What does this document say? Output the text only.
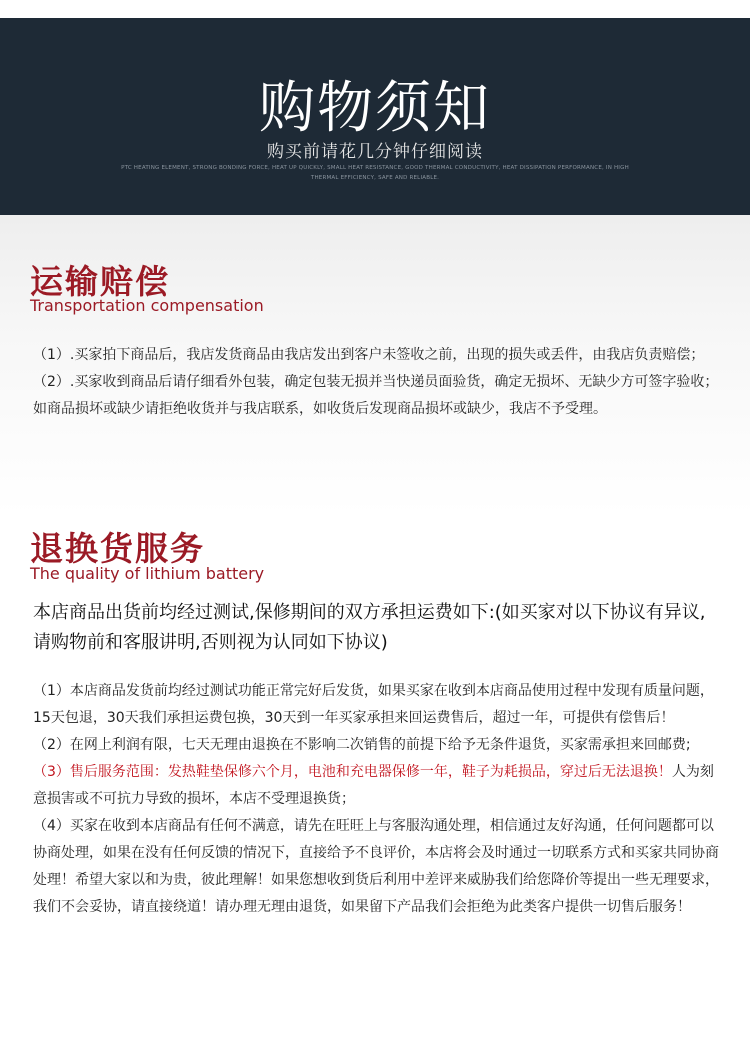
购物须知
购买前请花几分钟仔细阅读
PTC HEATING ELEMENT, STRONG BONDING FORCE, HEAT UP QUICKLY, SMALL HEAT RESISTANCE, GOOD THERMAL CONDUCTIVITY, HEAT DISSIPATION PERFORMANCE, IN HIGH THERMAL EFFICIENCY, SAFE AND RELIABLE.
运输赔偿
Transportation compensation

（1）.买家拍下商品后，我店发货商品由我店发出到客户未签收之前，出现的损失或丢件，由我店负责赔偿；

（2）.买家收到商品后请仔细看外包装，确定包装无损并当快递员面验货，确定无损坏、无缺少方可签字验收；如商品损坏或缺少请拒绝收货并与我店联系，如收货后发现商品损坏或缺少，我店不予受理。

退换货服务
The quality of lithium battery
本店商品出货前均经过测试,保修期间的双方承担运费如下:(如买家对以下协议有异议,请购物前和客服讲明,否则视为认同如下协议)

（1）本店商品发货前均经过测试功能正常完好后发货，如果买家在收到本店商品使用过程中发现有质量问题，15天包退，30天我们承担运费包换，30天到一年买家承担来回运费售后，超过一年，可提供有偿售后！

（2）在网上利润有限，七天无理由退换在不影响二次销售的前提下给予无条件退货，买家需承担来回邮费;

（3）售后服务范围：发热鞋垫保修六个月，电池和充电器保修一年，鞋子为耗损品，穿过后无法退换！人为刻意损害或不可抗力导致的损坏，本店不受理退换货；

（4）买家在收到本店商品有任何不满意，请先在旺旺上与客服沟通处理，相信通过友好沟通，任何问题都可以协商处理，如果在没有任何反馈的情况下，直接给予不良评价，本店将会及时通过一切联系方式和买家共同协商处理！希望大家以和为贵，彼此理解！如果您想收到货后利用中差评来威胁我们给您降价等提出一些无理要求，我们不会妥协，请直接绕道！请办理无理由退货，如果留下产品我们会拒绝为此类客户提供一切售后服务！
